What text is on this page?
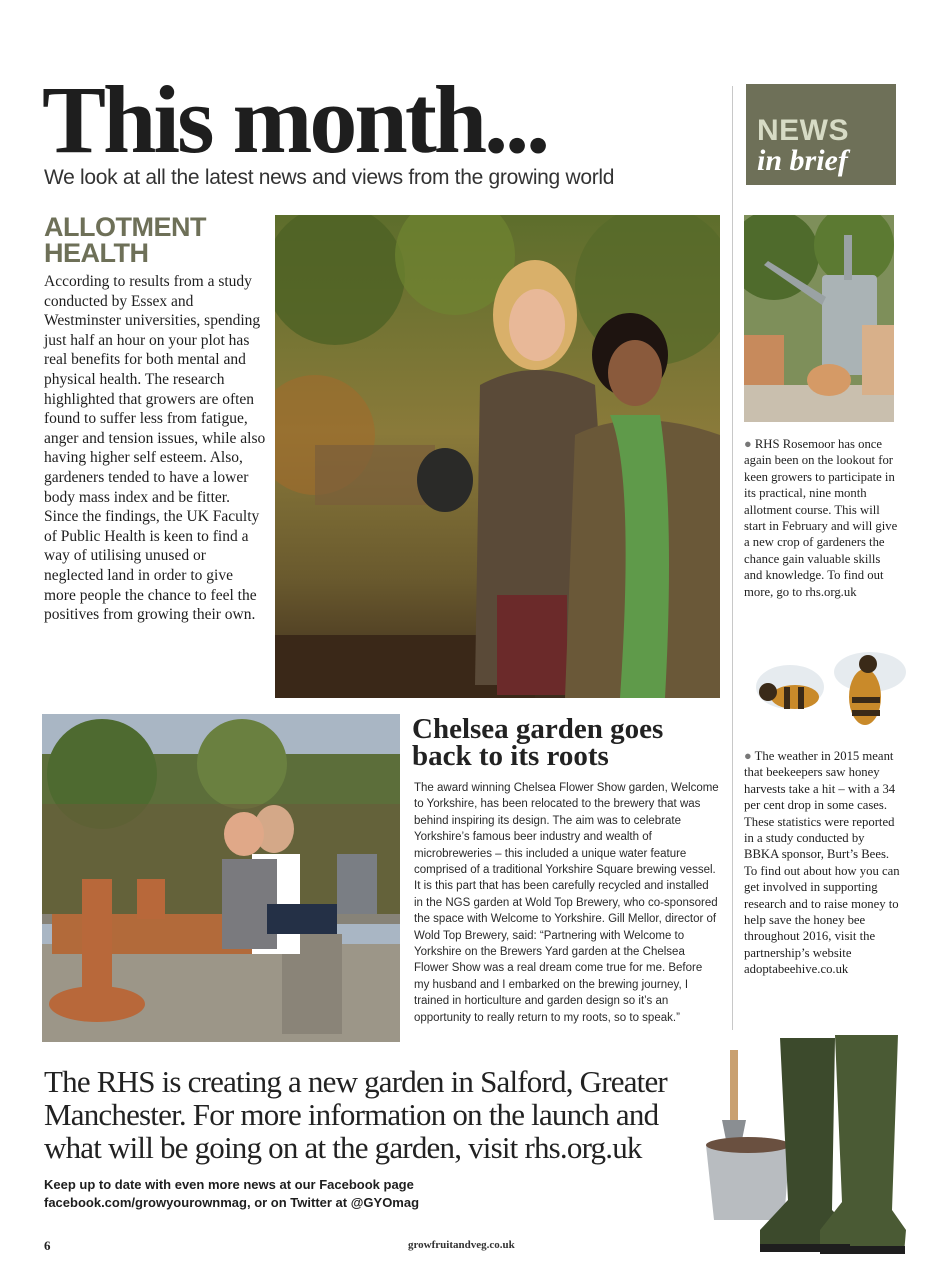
This month...
We look at all the latest news and views from the growing world
NEWS
in brief
ALLOTMENT HEALTH

According to results from a study conducted by Essex and Westminster universities, spending just half an hour on your plot has real benefits for both mental and physical health. The research highlighted that growers are often found to suffer less from fatigue, anger and tension issues, while also having higher self esteem. Also, gardeners tended to have a lower body mass index and be fitter. Since the findings, the UK Faculty of Public Health is keen to find a way of utilising unused or neglected land in order to give more people the chance to feel the positives from growing their own.

Chelsea garden goes back to its roots

The award winning Chelsea Flower Show garden, Welcome to Yorkshire, has been relocated to the brewery that was behind inspiring its design. The aim was to celebrate Yorkshire’s famous beer industry and wealth of microbreweries – this included a unique water feature comprised of a traditional Yorkshire Square brewing vessel. It is this part that has been carefully recycled and installed in the NGS garden at Wold Top Brewery, who co-sponsored the space with Welcome to Yorkshire. Gill Mellor, director of Wold Top Brewery, said: “Partnering with Welcome to Yorkshire on the Brewers Yard garden at the Chelsea Flower Show was a real dream come true for me. Before my husband and I embarked on the brewing journey, I trained in horticulture and garden design so it’s an opportunity to really return to my roots, so to speak.”

● RHS Rosemoor has once again been on the lookout for keen growers to participate in its practical, nine month allotment course. This will start in February and will give a new crop of gardeners the chance gain valuable skills and knowledge. To find out more, go to rhs.org.uk
● The weather in 2015 meant that beekeepers saw honey harvests take a hit – with a 34 per cent drop in some cases. These statistics were reported in a study conducted by BBKA sponsor, Burt’s Bees. To find out about how you can get involved in supporting research and to raise money to help save the honey bee throughout 2016, visit the partnership’s website adoptabeehive.co.uk

The RHS is creating a new garden in Salford, Greater Manchester. For more information on the launch and what will be going on at the garden, visit rhs.org.uk

Keep up to date with even more news at our Facebook page

facebook.com/growyourownmag, or on Twitter at @GYOmag

6	growfruitandveg.co.uk
